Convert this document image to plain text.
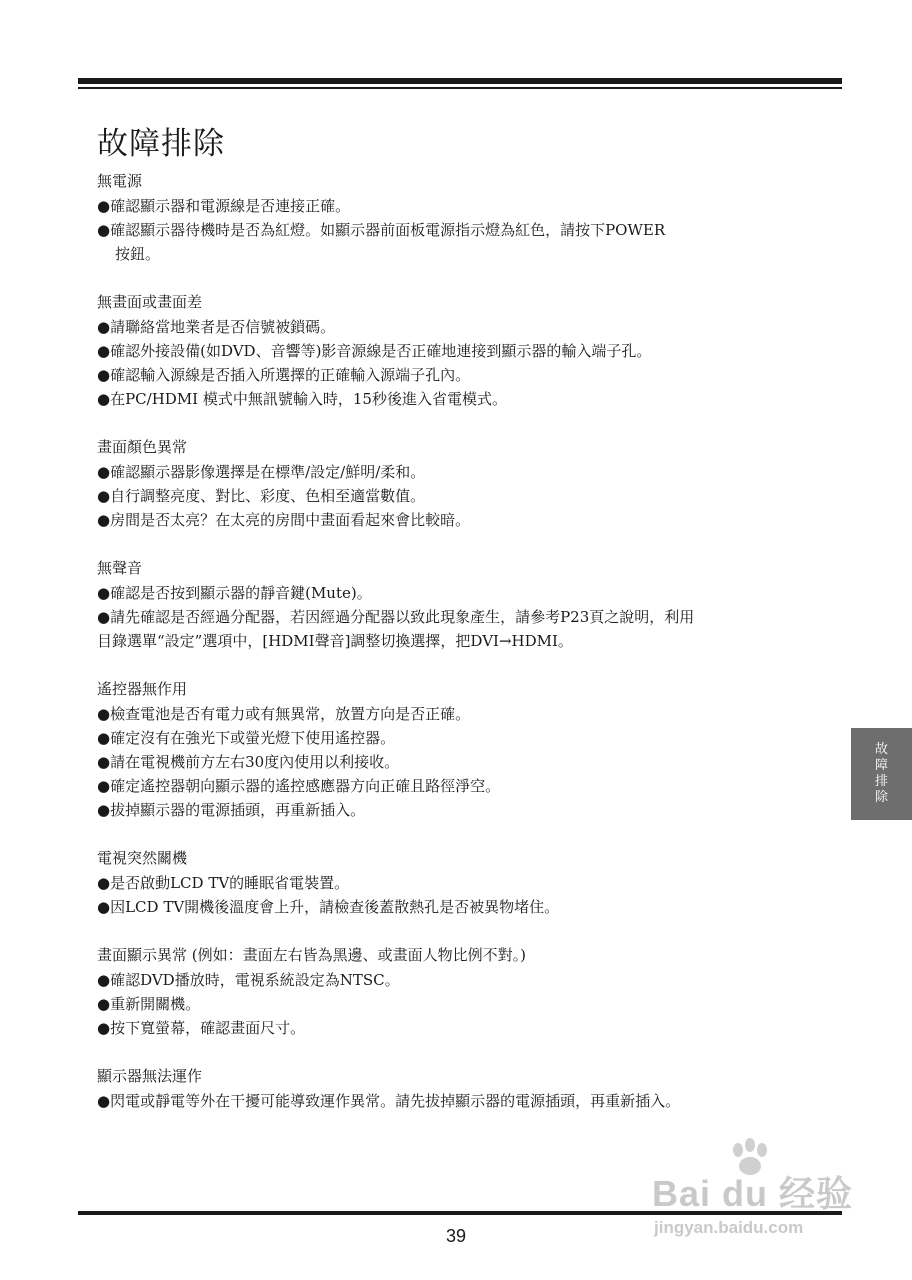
故障排除

無電源

●確認顯示器和電源線是否連接正確。

●確認顯示器待機時是否為紅燈。如顯示器前面板電源指示燈為紅色，請按下POWER

按鈕。

無畫面或畫面差

●請聯絡當地業者是否信號被鎖碼。

●確認外接設備(如DVD、音響等)影音源線是否正確地連接到顯示器的輸入端子孔。

●確認輸入源線是否插入所選擇的正確輸入源端子孔內。

●在PC/HDMI 模式中無訊號輸入時，15秒後進入省電模式。

畫面顏色異常

●確認顯示器影像選擇是在標準/設定/鮮明/柔和。

●自行調整亮度、對比、彩度、色相至適當數值。

●房間是否太亮？在太亮的房間中畫面看起來會比較暗。

無聲音

●確認是否按到顯示器的靜音鍵(Mute)。

●請先確認是否經過分配器，若因經過分配器以致此現象產生，請參考P23頁之說明，利用

目錄選單“設定”選項中，[HDMI聲音]調整切換選擇，把DVI→HDMI。

遙控器無作用

●檢查電池是否有電力或有無異常，放置方向是否正確。

●確定沒有在強光下或螢光燈下使用遙控器。

●請在電視機前方左右30度內使用以利接收。

●確定遙控器朝向顯示器的遙控感應器方向正確且路徑淨空。

●拔掉顯示器的電源插頭，再重新插入。

電視突然關機

●是否啟動LCD TV的睡眠省電裝置。

●因LCD TV開機後溫度會上升，請檢查後蓋散熱孔是否被異物堵住。

畫面顯示異常 (例如：畫面左右皆為黑邊、或畫面人物比例不對。)

●確認DVD播放時，電視系統設定為NTSC。

●重新開關機。

●按下寬螢幕，確認畫面尺寸。

顯示器無法運作

●閃電或靜電等外在干擾可能導致運作異常。請先拔掉顯示器的電源插頭，再重新插入。

故
障
排
除
39
Bai du 经验
jingyan.baidu.com
